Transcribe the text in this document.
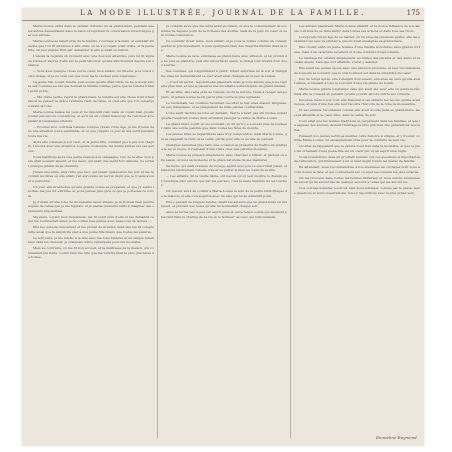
LA MODE ILLUSTRÉE, JOURNAL DE LA FAMILLE.	175

Marie-Louise entra dans le cabinet d'études de sa grand-mère, pendant que les autres demeuraient dans le salon et reprirent la conversation interrompue par son arrivée.

Marie-Louise se tenait près de la fenêtre, l'ouvrage à la main, et semblait attendre que l'on fît attention à elle; mais on ne s'occupait point d'elle, et la jeune fille, un peu piquée, finit par demander si elle pouvait se retirer.

L'aïeule la regarda un moment avec une douceur attentive, puis lui fit signe de s'asseoir auprès d'elle sur le petit tabouret qu'elle affectionnait depuis son enfance.

— Vous avez quelque chose sur le cœur, mon enfant, lui dit-elle; je le vois à votre visage, et je ne veux pas que vous me le cachiez plus longtemps.

La jeune fille rougit, hésita, puis avoua qu'elle était triste de ne pouvoir suivre ses cousines au bal que donnait la famille voisine, parce que sa toilette n'était point prête.

— Ma chère petite, reprit la grand-mère, la toilette est une chose dont il faut savoir se passer; la grâce véritable vient de l'âme, et c'est elle que l'on remarque avant la robe.

Marie-Louise baissa les yeux et ne répondit rien; mais on voyait bien qu'elle n'était pas encore convaincue, et qu'il lui en coûtait beaucoup de renoncer à ce plaisir si longtemps attendu.

— Écoutez-moi, continua l'aïeule; lorsque j'avais votre âge, je me trouvai dans une situation toute semblable, et ce que j'appris ce jour-là m'a servi pendant toute ma vie.

Alors elle commença son récit, et la jeune fille, oubliant peu à peu son chagrin, l'écouta avec une attention toujours croissante, les mains jointes sur ses genoux.

Nous habitions alors une petite maison à la campagne, loin de la ville; mon père était souvent absent, et ma mère, qui avait une santé fort délicate, ne sortait presque jamais de sa chambre.

J'avais une amie, plus riche que moi, qui venait quelquefois me voir et me racontait les fêtes où elle allait; j'en éprouvais un secret dépit que je n'osais avouer à personne.

Un jour, elle m'annonça qu'une grande soirée se préparait, et que j'y serais invitée; ma joie fut extrême, et je ne pensai plus qu'à ce que je porterais ce soir-là.

Je n'avais qu'une robe de mousseline assez simple; je la trouvai bien pauvre auprès de celles que je me figurais, et je passai plusieurs nuits à imaginer des ornements impossibles.

Ma mère, voyant mon inquiétude, me fit venir près d'elle et me demanda ce qui me tourmentait ainsi; je lui confiai mes peines avec beaucoup de larmes.

Elle me consola doucement et me promit de m'aider; mais elle me fit comprendre aussi que la simplicité sied à une jeune fille mieux que toutes les parures.

Le soir venu, je me rendis à la fête avec ma robe blanche et un simple ruban bleu dans les cheveux; je craignais d'être remarquée pour ma modestie.

Mais au contraire, on me fit bon accueil; et la maîtresse de la maison, qui connaissait ma mère, voulut bien me dire que ma toilette était la plus gracieuse de toutes.

Je compris alors que ma mère avait eu raison, et que le contentement de soi-même ne dépend point de la richesse des étoffes, mais de la paix du cœur et de la bonne conscience.

Ce souvenir m'est resté, mon enfant, et je vous le donne comme un conseil; gardez-le précieusement, il vous épargnera bien des chagrins inutiles dans la vie.

Marie-Louise se leva, embrassa sa grand-mère avec effusion, et lui promit de ne plus se plaindre; puis elle retourna au salon, le visage tout éclairé d'un doux sourire.

Ses cousines, qui s'apprêtaient à partir, furent surprises de la voir si tranquille; elles lui demandèrent ce qui l'avait ainsi changée en si peu de temps.

— C'est un secret, répondit-elle gaiement; mais je vous assure que je ne regrette plus rien, et que je passerai une excellente soirée auprès de grand-maman.

Et en effet, elle resta près de l'aïeule, lui fit la lecture, l'aida à ranger ses papiers, et jamais soirée ne lui parut plus courte ni plus agréable.

Le lendemain, les cousines revinrent raconter le bal; elles étaient fatiguées, un peu maussades, et se plaignaient de mille petites contrariétés.

L'une avait déchiré sa robe en dansant, l'autre n'avait pas été invitée autant qu'elle l'espérait; toutes deux enviaient presque le calme de Marie-Louise.

La grand-mère sourit en les écoutant, et dit qu'il y a souvent plus de bonheur dans une soirée paisible que dans toutes les fêtes du monde.

Les jeunes filles se regardèrent sans trop comprendre; mais Marie-Louise, qui se rappelait le récit de la veille, garda pour elle ce qu'elle en pensait.

Quelques semaines plus tard, une occasion se présenta de mettre en pratique la leçon reçue; il s'agissait d'une visite chez une parente éloignée.

Marie-Louise se prépara simplement, sans chercher à briller; et partout où elle passa, on loua sa modestie et la grâce naturelle de ses manières.

Sa mère, qui était revenue de voyage, apprit avec joie ce qui s'était passé, et remercia tendrement l'aïeule d'avoir su parler si bien au cœur de sa fille.

— Les enfants, dit la vieille dame, ont besoin qu'on leur montre le chemin par l'exemple plus encore que par les paroles; c'est la seule manière de les toucher.

On résolut alors de confier à Marie-Louise le soin de la petite bibliothèque de la maison, et elle s'en acquitta avec un zèle qui ne se démentit point.

Elle y passait de longues heures, lisant les auteurs que sa grand-mère lui indiquait, et prenant des notes qu'elle lui soumettait chaque soir.

Ainsi se forma peu à peu cet esprit juste et cette raison solide qui devaient plus tard faire le charme de sa vie et le bonheur de ceux qui l'entouraient.

Les années passèrent; Marie-Louise grandit, et la douce influence de son aïeule continua de se faire sentir dans toutes ses actions et dans tous ses choix.

Lorsqu'elle fut en âge de se marier, on lui proposa plusieurs partis; elle les examina tous avec la prudence que lui avait enseignée sa grand-mère.

Elle choisit enfin un jeune homme d'une famille honorable, sans grande fortune, mais d'un caractère excellent et d'une conduite irréprochable.

Le mariage fut célébré simplement, au milieu des parents et des amis; et la vieille aïeule, bien que fort affaiblie, voulut y assister.

Elle bénit les jeunes époux avec une émotion profonde, et leur recommanda de toujours se souvenir que le vrai bonheur est dans la simplicité du cœur.

Peu de temps après, elle s'éteignit doucement, entourée de ceux qu'elle avait aimés, et laissant à tous le souvenir d'une vie pleine de bonté.

Marie-Louise pleura longtemps celle qui avait été pour elle un guide si sûr; mais elle se consola en pensant qu'elle pouvait encore suivre ses conseils.

Devenue mère à son tour, elle transmit à ses enfants les leçons qu'elle avait reçues, et plus d'une fois elle leur raconta l'histoire de la robe de mousseline.

Et ses enfants l'écoutaient comme elle avait écouté jadis sa grand-mère, les yeux attentifs et le cœur ému, dans le calme du soir.

C'est ainsi que les bonnes traditions se perpétuent dans les familles, et que la sagesse des anciens devient l'héritage le plus précieux des générations nouvelles.

Puissent nos jeunes lectrices méditer cette histoire si simple, et y trouver, comme Marie-Louise, un enseignement utile pour la conduite de leur vie.

Qu'elles se rappellent que la parure n'est rien sans la modestie, et que le plus bel ornement d'une jeune fille est un cœur pur et un esprit bien réglé.

Nous reviendrons dans un prochain numéro sur ces questions si importantes de l'éducation, qui intéressent à un si haut degré toutes les mères de famille.

En attendant, nous recommandons à nos abonnées les ouvrages dont nous avons donné la liste, et qui contiennent sur ce sujet les conseils les plus éclairés.

On les trouvera dans toutes les bonnes librairies, et nous serons heureuses de savoir qu'ils auront été de quelque secours à celles qui les auront lus.

Nos correspondantes voudront bien nous adresser, comme par le passé, leurs questions et leurs observations; nous y répondrons avec le plus grand soin.

Emmeline Raymond.
